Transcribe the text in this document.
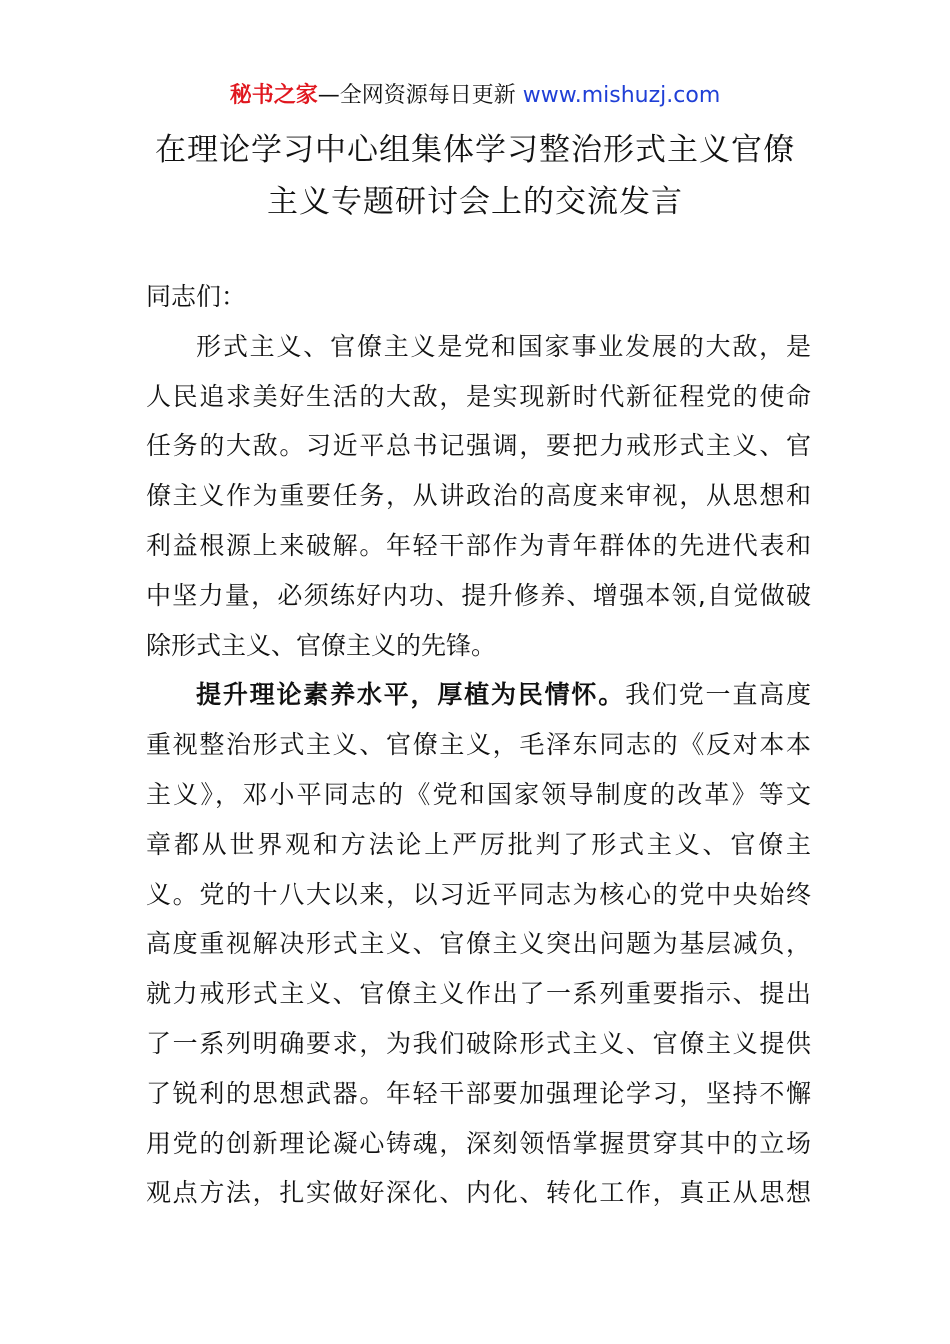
秘书之家—全网资源每日更新 www.mishuzj.com
在理论学习中心组集体学习整治形式主义官僚
主义专题研讨会上的交流发言
同志们：
形式主义、官僚主义是党和国家事业发展的大敌，是
人民追求美好生活的大敌，是实现新时代新征程党的使命
任务的大敌。习近平总书记强调，要把力戒形式主义、官
僚主义作为重要任务，从讲政治的高度来审视，从思想和
利益根源上来破解。年轻干部作为青年群体的先进代表和
中坚力量，必须练好内功、提升修养、增强本领,自觉做破
除形式主义、官僚主义的先锋。
提升理论素养水平，厚植为民情怀。我们党一直高度
重视整治形式主义、官僚主义，毛泽东同志的《反对本本
主义》，邓小平同志的《党和国家领导制度的改革》等文
章都从世界观和方法论上严厉批判了形式主义、官僚主
义。党的十八大以来，以习近平同志为核心的党中央始终
高度重视解决形式主义、官僚主义突出问题为基层减负，
就力戒形式主义、官僚主义作出了一系列重要指示、提出
了一系列明确要求，为我们破除形式主义、官僚主义提供
了锐利的思想武器。年轻干部要加强理论学习，坚持不懈
用党的创新理论凝心铸魂，深刻领悟掌握贯穿其中的立场
观点方法，扎实做好深化、内化、转化工作，真正从思想
